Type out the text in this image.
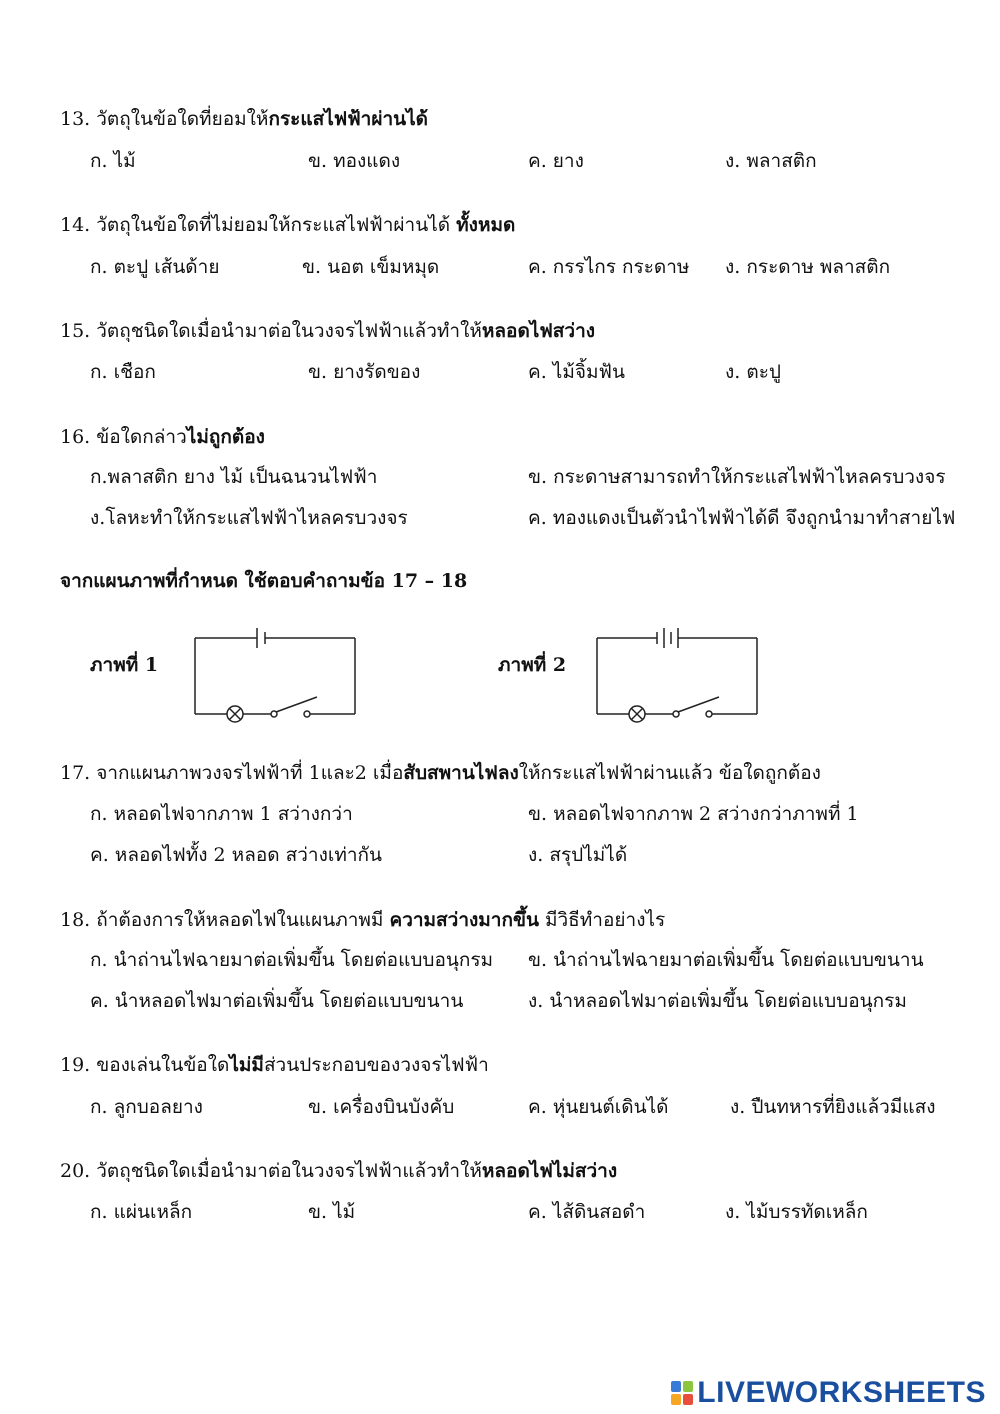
13. วัตถุในข้อใดที่ยอมให้กระแสไฟฟ้าผ่านได้
ก. ไม้	ข. ทองแดง	ค. ยาง	ง. พลาสติก
14. วัตถุในข้อใดที่ไม่ยอมให้กระแสไฟฟ้าผ่านได้ ทั้งหมด
ก. ตะปู เส้นด้าย	ข. นอต เข็มหมุด	ค. กรรไกร กระดาษ ง. กระดาษ พลาสติก
15. วัตถุชนิดใดเมื่อนำมาต่อในวงจรไฟฟ้าแล้วทำให้หลอดไฟสว่าง
ก. เชือก	ข. ยางรัดของ	ค. ไม้จิ้มฟัน	ง. ตะปู
16. ข้อใดกล่าวไม่ถูกต้อง
ก.พลาสติก ยาง ไม้ เป็นฉนวนไฟฟ้า	ข. กระดาษสามารถทำให้กระแสไฟฟ้าไหลครบวงจร
ง.โลหะทำให้กระแสไฟฟ้าไหลครบวงจร	ค. ทองแดงเป็นตัวนำไฟฟ้าได้ดี จึงถูกนำมาทำสายไฟ
จากแผนภาพที่กำหนด ใช้ตอบคำถามข้อ 17 – 18
ภาพที่ 1	ภาพที่ 2
17. จากแผนภาพวงจรไฟฟ้าที่ 1และ2 เมื่อสับสพานไฟลงให้กระแสไฟฟ้าผ่านแล้ว ข้อใดถูกต้อง
ก. หลอดไฟจากภาพ 1 สว่างกว่า	ข. หลอดไฟจากภาพ 2 สว่างกว่าภาพที่ 1
ค. หลอดไฟทั้ง 2 หลอด สว่างเท่ากัน	ง. สรุปไม่ได้
18. ถ้าต้องการให้หลอดไฟในแผนภาพมี ความสว่างมากขึ้น มีวิธีทำอย่างไร
ก. นำถ่านไฟฉายมาต่อเพิ่มขึ้น โดยต่อแบบอนุกรม ข. นำถ่านไฟฉายมาต่อเพิ่มขึ้น โดยต่อแบบขนาน
ค. นำหลอดไฟมาต่อเพิ่มขึ้น โดยต่อแบบขนาน	ง. นำหลอดไฟมาต่อเพิ่มขึ้น โดยต่อแบบอนุกรม
19. ของเล่นในข้อใดไม่มีส่วนประกอบของวงจรไฟฟ้า
ก. ลูกบอลยาง	ข. เครื่องบินบังคับ	ค. หุ่นยนต์เดินได้	ง. ปืนทหารที่ยิงแล้วมีแสง
20. วัตถุชนิดใดเมื่อนำมาต่อในวงจรไฟฟ้าแล้วทำให้หลอดไฟไม่สว่าง
ก. แผ่นเหล็ก	ข. ไม้	ค. ไส้ดินสอดำ	ง. ไม้บรรทัดเหล็ก
LIVEWORKSHEETS
